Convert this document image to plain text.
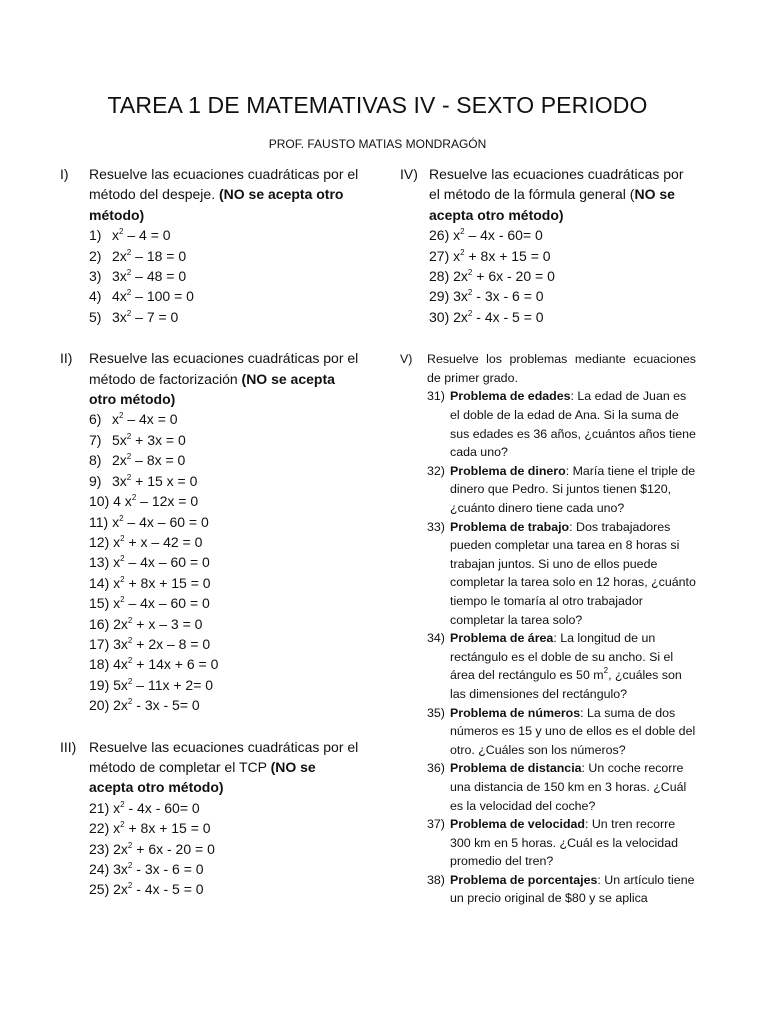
TAREA 1 DE MATEMATIVAS IV - SEXTO PERIODO
PROF. FAUSTO MATIAS MONDRAGÓN
I) Resuelve las ecuaciones cuadráticas por el método del despeje. (NO se acepta otro método)

1) $x^2 - 4 = 0$
2) $2x^2 - 18 = 0$
3) $3x^2 - 48 = 0$
4) $4x^2 - 100 = 0$
5) $3x^2 - 7 = 0$
II) Resuelve las ecuaciones cuadráticas por el método de factorización (NO se acepta otro método)

6) $x^2 - 4x = 0$
7) $5x^2 + 3x = 0$
8) $2x^2 - 8x = 0$
9) $3x^2 + 15$ x = 0
10) 4 $x^2 - 12x = 0$
11) $x^2 - 4x - 60 = 0$
12) $x^2 + x - 42 = 0$
13) $x^2 - 4x - 60 = 0$
14) $x^2 + 8x + 15 = 0$
15) $x^2 - 4x - 60 = 0$
16) $2x^2 + x - 3 = 0$
17) $3x^2 + 2x - 8 = 0$
18) $4x^2 + 14x + 6 = 0$
19) $5x^2 - 11x + 2= 0$
20) $2x^2 - 3x - 5= 0$
III) Resuelve las ecuaciones cuadráticas por el método de completar el TCP (NO se acepta otro método)

21) $x^2 - 4x - 60= 0$
22) $x^2 + 8x + 15 = 0$
23) $2x^2 + 6x - 20 = 0$
24) $3x^2 - 3x - 6 = 0$
25) $2x^2 - 4x - 5 = 0$
IV) Resuelve las ecuaciones cuadráticas por el método de la fórmula general (NO se acepta otro método)

26) $x^2 - 4x - 60= 0$
27) $x^2 + 8x + 15 = 0$
28) $2x^2 + 6x - 20 = 0$
29) $3x^2 - 3x - 6 = 0$
30) $2x^2 - 4x - 5 = 0$
V) Resuelve los problemas mediante ecuaciones de primer grado.
31) Problema de edades: La edad de Juan es el doble de la edad de Ana. Si la suma de sus edades es 36 años, ¿cuántos años tiene cada uno?
32) Problema de dinero: María tiene el triple de dinero que Pedro. Si juntos tienen $120, ¿cuánto dinero tiene cada uno?
33) Problema de trabajo: Dos trabajadores pueden completar una tarea en 8 horas si trabajan juntos. Si uno de ellos puede completar la tarea solo en 12 horas, ¿cuánto tiempo le tomaría al otro trabajador completar la tarea solo?
34) Problema de área: La longitud de un rectángulo es el doble de su ancho. Si el área del rectángulo es 50 $m^2$, ¿cuáles son las dimensiones del rectángulo?
35) Problema de números: La suma de dos números es 15 y uno de ellos es el doble del otro. ¿Cuáles son los números?
36) Problema de distancia: Un coche recorre una distancia de 150 km en 3 horas. ¿Cuál es la velocidad del coche?
37) Problema de velocidad: Un tren recorre 300 km en 5 horas. ¿Cuál es la velocidad promedio del tren?
38) Problema de porcentajes: Un artículo tiene un precio original de $80 y se aplica
